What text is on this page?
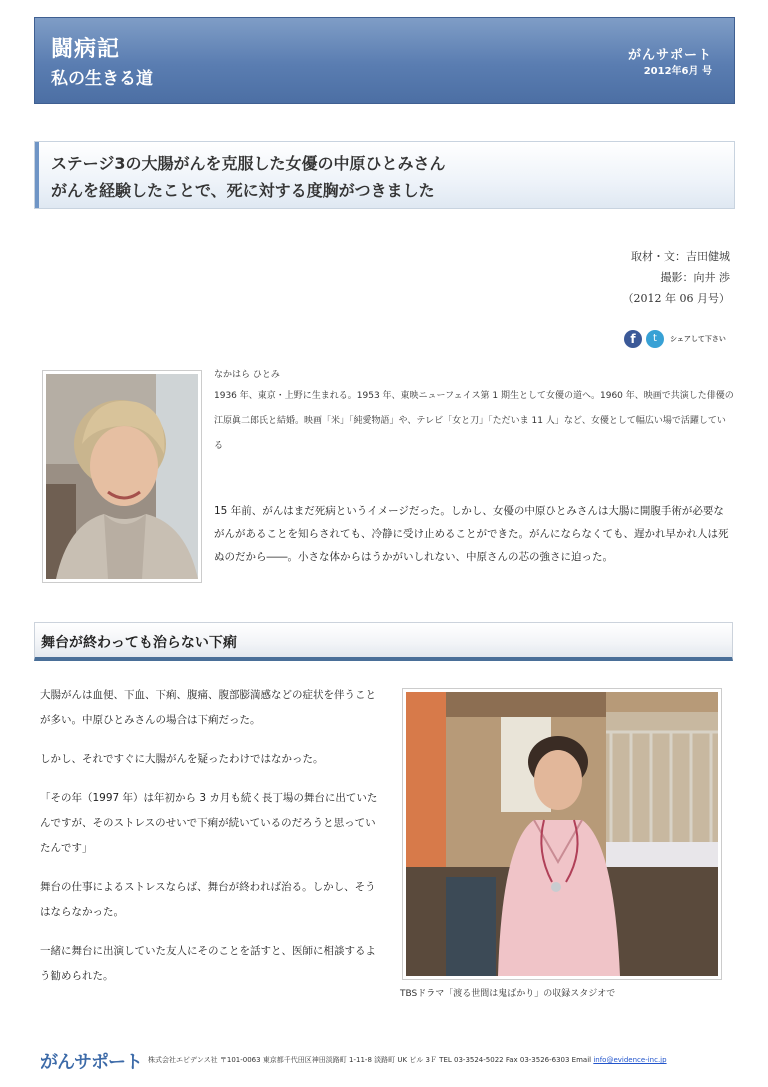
闘病記
私の生きる道
がんサポート
2012年6月 号
ステージ3の大腸がんを克服した女優の中原ひとみさん
がんを経験したことで、死に対する度胸がつきました
取材・文：吉田健城
撮影：向井 渉
（2012 年 06 月号）
f	t	シェアして下さい
なかはら ひとみ
1936 年、東京・上野に生まれる。1953 年、東映ニューフェイス第 1 期生として女優の道へ。1960 年、映画で共演した俳優の江原眞二郎氏と結婚。映画「米」「純愛物語」や、テレビ「女と刀」「ただいま 11 人」など、女優として幅広い場で活躍している
15 年前、がんはまだ死病というイメージだった。しかし、女優の中原ひとみさんは大腸に開腹手術が必要ながんがあることを知らされても、冷静に受け止めることができた。がんにならなくても、遅かれ早かれ人は死ぬのだから――。小さな体からはうかがいしれない、中原さんの芯の強さに迫った。
舞台が終わっても治らない下痢

大腸がんは血便、下血、下痢、腹痛、腹部膨満感などの症状を伴うことが多い。中原ひとみさんの場合は下痢だった。

しかし、それですぐに大腸がんを疑ったわけではなかった。

「その年（1997 年）は年初から 3 カ月も続く長丁場の舞台に出ていたんですが、そのストレスのせいで下痢が続いているのだろうと思っていたんです」

舞台の仕事によるストレスならば、舞台が終われば治る。しかし、そうはならなかった。

一緒に舞台に出演していた友人にそのことを話すと、医師に相談するよう勧められた。

TBSドラマ「渡る世間は鬼ばかり」の収録スタジオで
がんサポート 株式会社エビデンス社 〒101-0063 東京都千代田区神田淡路町 1-11-8 淡路町 UK ビル 3Ｆ TEL 03-3524-5022 Fax 03-3526-6303 Email info@evidence-inc.jp
